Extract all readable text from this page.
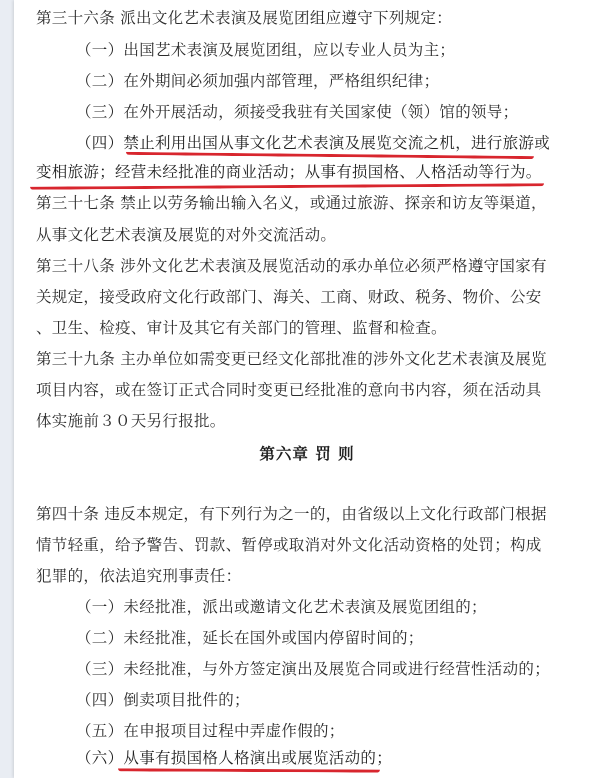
第三十六条 派出文化艺术表演及展览团组应遵守下列规定：
（一）出国艺术表演及展览团组，应以专业人员为主；
（二）在外期间必须加强内部管理，严格组织纪律；
（三）在外开展活动，须接受我驻有关国家使（领）馆的领导；
（四）禁止利用出国从事文化艺术表演及展览交流之机，进行旅游或
变相旅游；经营未经批准的商业活动；从事有损国格、人格活动等行为。
第三十七条 禁止以劳务输出输入名义，或通过旅游、探亲和访友等渠道，
从事文化艺术表演及展览的对外交流活动。
第三十八条 涉外文化艺术表演及展览活动的承办单位必须严格遵守国家有
关规定，接受政府文化行政部门、海关、工商、财政、税务、物价、公安
、卫生、检疫、审计及其它有关部门的管理、监督和检查。
第三十九条 主办单位如需变更已经文化部批准的涉外文化艺术表演及展览
项目内容，或在签订正式合同时变更已经批准的意向书内容，须在活动具
体实施前３０天另行报批。
第六章 罚 则
第四十条 违反本规定，有下列行为之一的，由省级以上文化行政部门根据
情节轻重，给予警告、罚款、暂停或取消对外文化活动资格的处罚；构成
犯罪的，依法追究刑事责任：
（一）未经批准，派出或邀请文化艺术表演及展览团组的；
（二）未经批准，延长在国外或国内停留时间的；
（三）未经批准，与外方签定演出及展览合同或进行经营性活动的；
（四）倒卖项目批件的；
（五）在申报项目过程中弄虚作假的；
（六）从事有损国格人格演出或展览活动的；
